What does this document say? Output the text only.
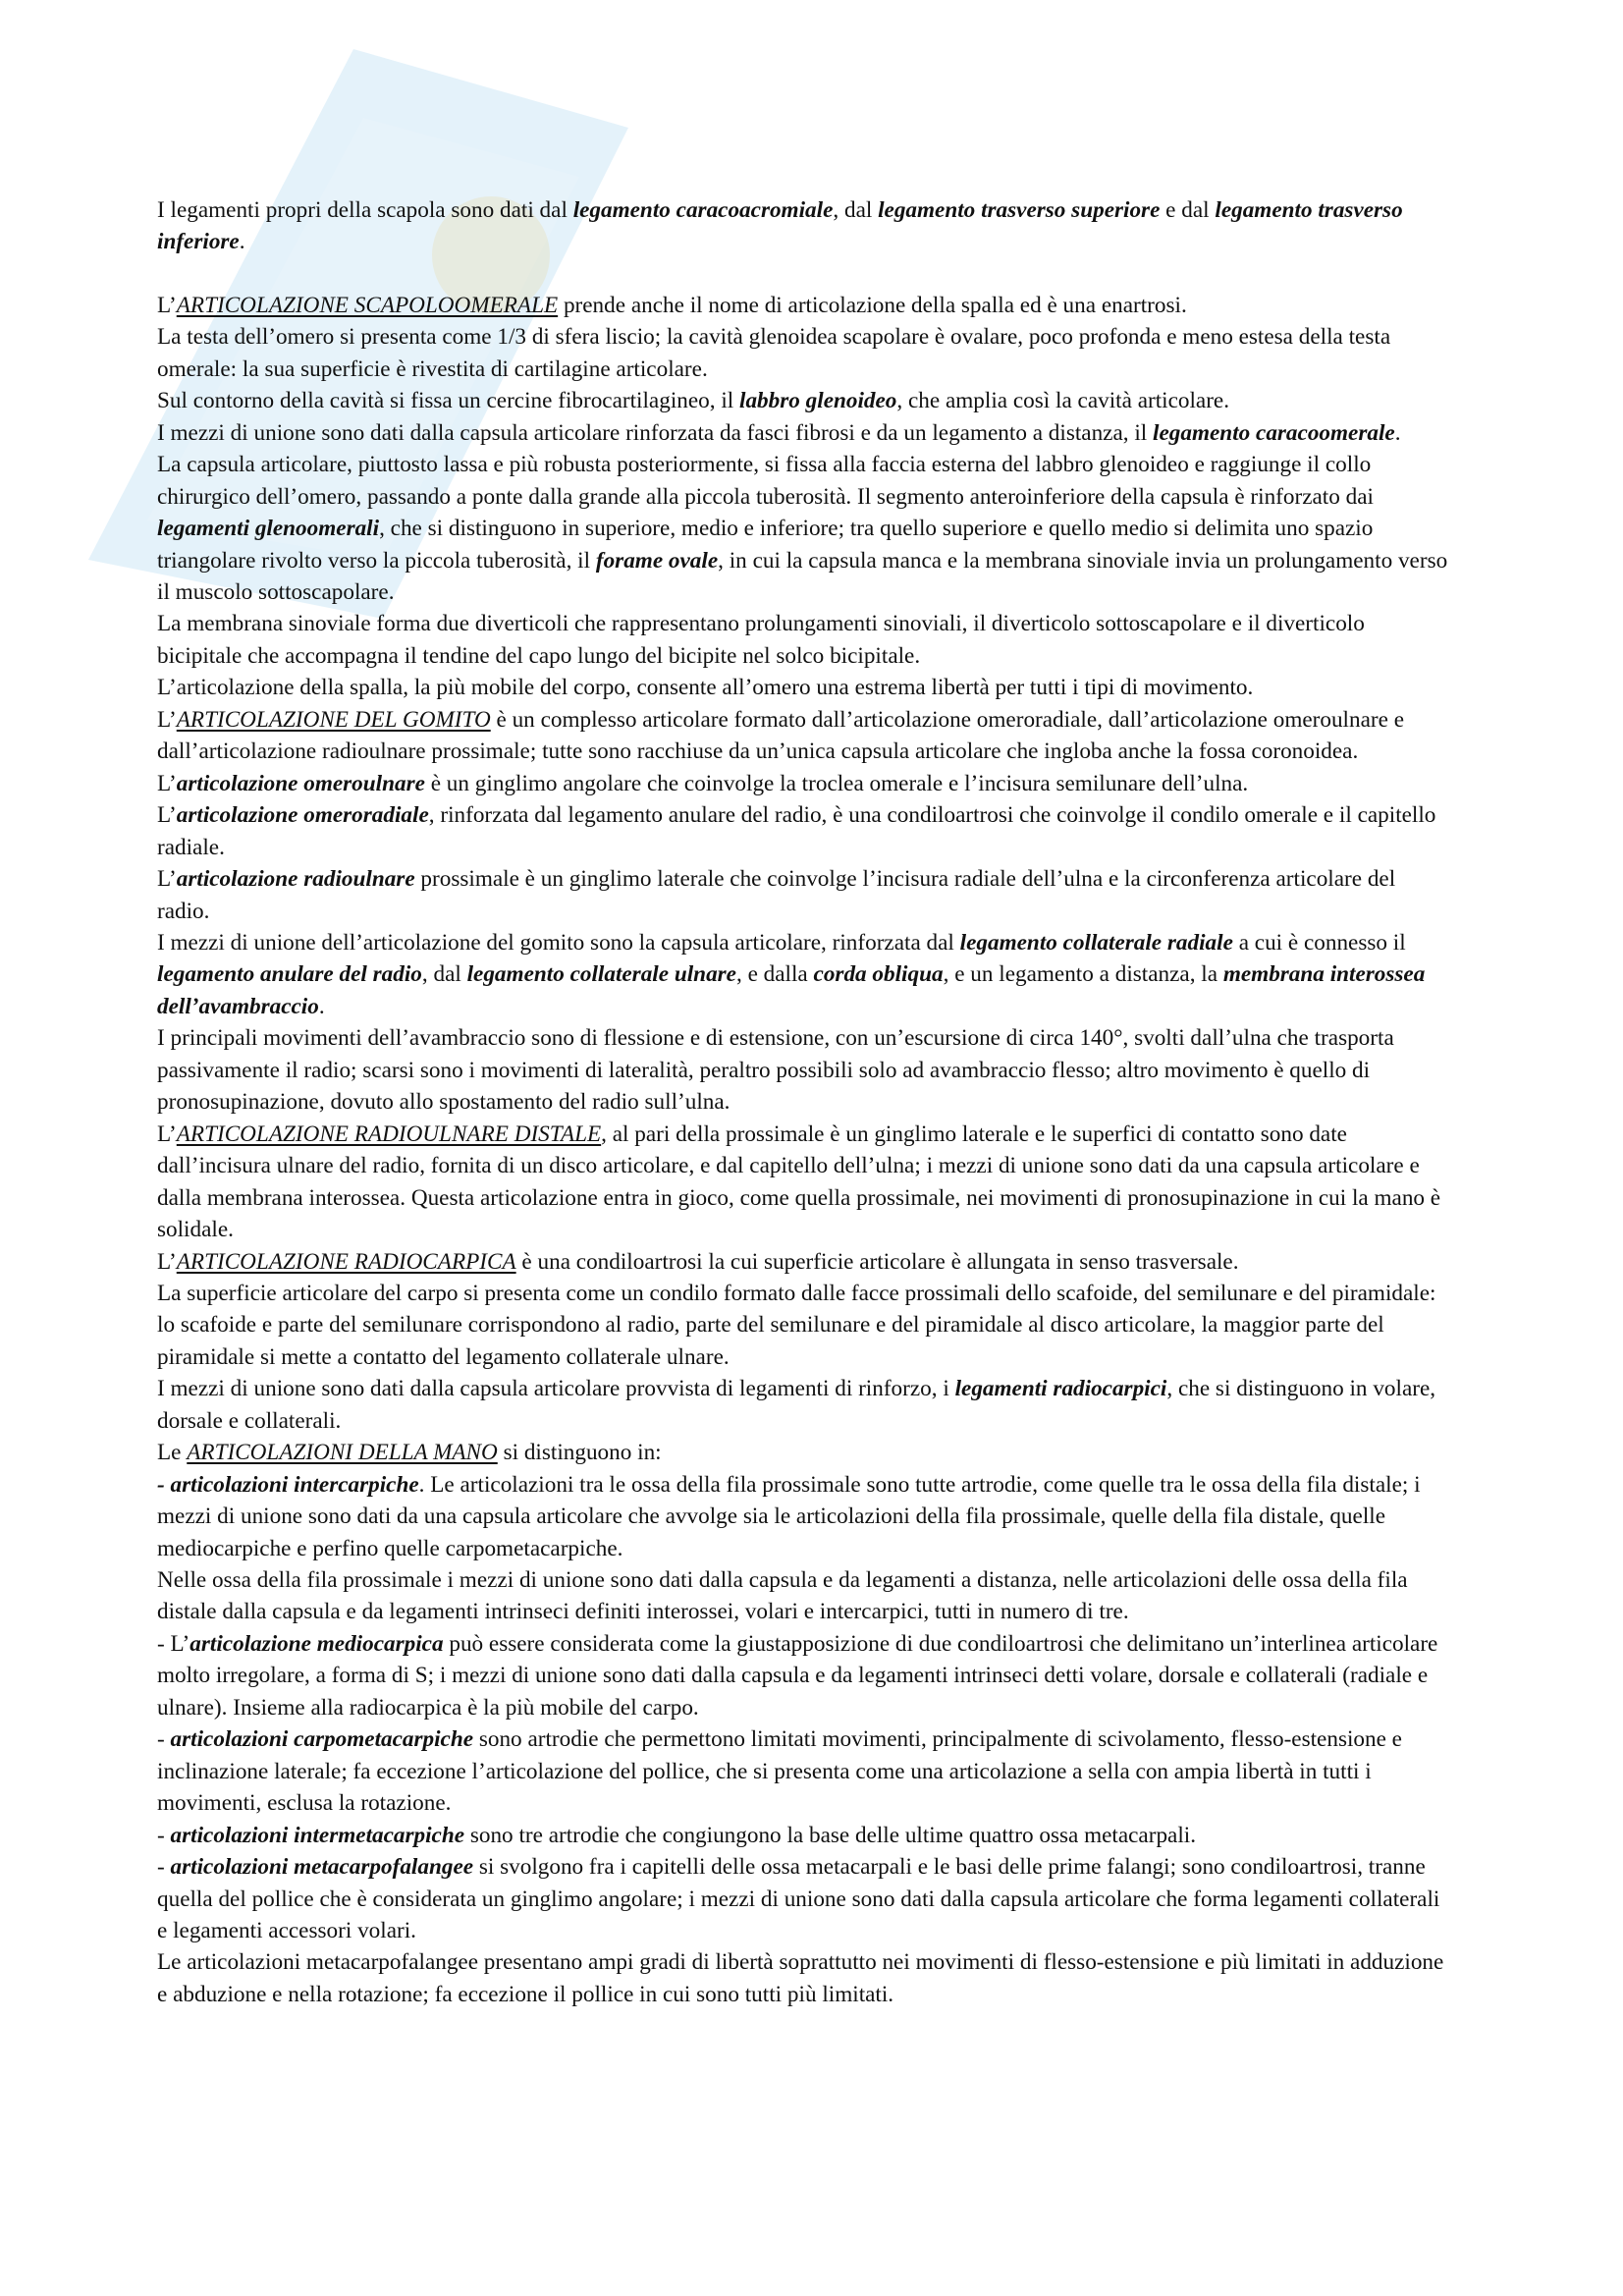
I legamenti propri della scapola sono dati dal legamento caracoacromiale, dal legamento trasverso superiore e dal legamento trasverso inferiore.

L’ARTICOLAZIONE SCAPOLOOMERALE prende anche il nome di articolazione della spalla ed è una enartrosi.

La testa dell’omero si presenta come 1/3 di sfera liscio; la cavità glenoidea scapolare è ovalare, poco profonda e meno estesa della testa omerale: la sua superficie è rivestita di cartilagine articolare.

Sul contorno della cavità si fissa un cercine fibrocartilagineo, il labbro glenoideo, che amplia così la cavità articolare.

I mezzi di unione sono dati dalla capsula articolare rinforzata da fasci fibrosi e da un legamento a distanza, il legamento caracoomerale.

La capsula articolare, piuttosto lassa e più robusta posteriormente, si fissa alla faccia esterna del labbro glenoideo e raggiunge il collo chirurgico dell’omero, passando a ponte dalla grande alla piccola tuberosità. Il segmento anteroinferiore della capsula è rinforzato dai legamenti glenoomerali, che si distinguono in superiore, medio e inferiore; tra quello superiore e quello medio si delimita uno spazio triangolare rivolto verso la piccola tuberosità, il forame ovale, in cui la capsula manca e la membrana sinoviale invia un prolungamento verso il muscolo sottoscapolare.

La membrana sinoviale forma due diverticoli che rappresentano prolungamenti sinoviali, il diverticolo sottoscapolare e il diverticolo bicipitale che accompagna il tendine del capo lungo del bicipite nel solco bicipitale.

L’articolazione della spalla, la più mobile del corpo, consente all’omero una estrema libertà per tutti i tipi di movimento.

L’ARTICOLAZIONE DEL GOMITO è un complesso articolare formato dall’articolazione omeroradiale, dall’articolazione omeroulnare e dall’articolazione radioulnare prossimale; tutte sono racchiuse da un’unica capsula articolare che ingloba anche la fossa coronoidea.

L’articolazione omeroulnare è un ginglimo angolare che coinvolge la troclea omerale e l’incisura semilunare dell’ulna.

L’articolazione omeroradiale, rinforzata dal legamento anulare del radio, è una condiloartrosi che coinvolge il condilo omerale e il capitello radiale.

L’articolazione radioulnare prossimale è un ginglimo laterale che coinvolge l’incisura radiale dell’ulna e la circonferenza articolare del radio.

I mezzi di unione dell’articolazione del gomito sono la capsula articolare, rinforzata dal legamento collaterale radiale a cui è connesso il legamento anulare del radio, dal legamento collaterale ulnare, e dalla corda obliqua, e un legamento a distanza, la membrana interossea dell’avambraccio.

I principali movimenti dell’avambraccio sono di flessione e di estensione, con un’escursione di circa 140°, svolti dall’ulna che trasporta passivamente il radio; scarsi sono i movimenti di lateralità, peraltro possibili solo ad avambraccio flesso; altro movimento è quello di pronosupinazione, dovuto allo spostamento del radio sull’ulna.

L’ARTICOLAZIONE RADIOULNARE DISTALE, al pari della prossimale è un ginglimo laterale e le superfici di contatto sono date dall’incisura ulnare del radio, fornita di un disco articolare, e dal capitello dell’ulna; i mezzi di unione sono dati da una capsula articolare e dalla membrana interossea. Questa articolazione entra in gioco, come quella prossimale, nei movimenti di pronosupinazione in cui la mano è solidale.

L’ARTICOLAZIONE RADIOCARPICA è una condiloartrosi la cui superficie articolare è allungata in senso trasversale.

La superficie articolare del carpo si presenta come un condilo formato dalle facce prossimali dello scafoide, del semilunare e del piramidale: lo scafoide e parte del semilunare corrispondono al radio, parte del semilunare e del piramidale al disco articolare, la maggior parte del piramidale si mette a contatto del legamento collaterale ulnare.

I mezzi di unione sono dati dalla capsula articolare provvista di legamenti di rinforzo, i legamenti radiocarpici, che si distinguono in volare, dorsale e collaterali.

Le ARTICOLAZIONI DELLA MANO si distinguono in:

- articolazioni intercarpiche. Le articolazioni tra le ossa della fila prossimale sono tutte artrodie, come quelle tra le ossa della fila distale; i mezzi di unione sono dati da una capsula articolare che avvolge sia le articolazioni della fila prossimale, quelle della fila distale, quelle mediocarpiche e perfino quelle carpometacarpiche.

Nelle ossa della fila prossimale i mezzi di unione sono dati dalla capsula e da legamenti a distanza, nelle articolazioni delle ossa della fila distale dalla capsula e da legamenti intrinseci definiti interossei, volari e intercarpici, tutti in numero di tre.

- L’articolazione mediocarpica può essere considerata come la giustapposizione di due condiloartrosi che delimitano un’interlinea articolare molto irregolare, a forma di S; i mezzi di unione sono dati dalla capsula e da legamenti intrinseci detti volare, dorsale e collaterali (radiale e ulnare). Insieme alla radiocarpica è la più mobile del carpo.

- articolazioni carpometacarpiche sono artrodie che permettono limitati movimenti, principalmente di scivolamento, flesso-estensione e inclinazione laterale; fa eccezione l’articolazione del pollice, che si presenta come una articolazione a sella con ampia libertà in tutti i movimenti, esclusa la rotazione.

- articolazioni intermetacarpiche sono tre artrodie che congiungono la base delle ultime quattro ossa metacarpali.

- articolazioni metacarpofalangee si svolgono fra i capitelli delle ossa metacarpali e le basi delle prime falangi; sono condiloartrosi, tranne quella del pollice che è considerata un ginglimo angolare; i mezzi di unione sono dati dalla capsula articolare che forma legamenti collaterali e legamenti accessori volari.

Le articolazioni metacarpofalangee presentano ampi gradi di libertà soprattutto nei movimenti di flesso-estensione e più limitati in adduzione e abduzione e nella rotazione; fa eccezione il pollice in cui sono tutti più limitati.
